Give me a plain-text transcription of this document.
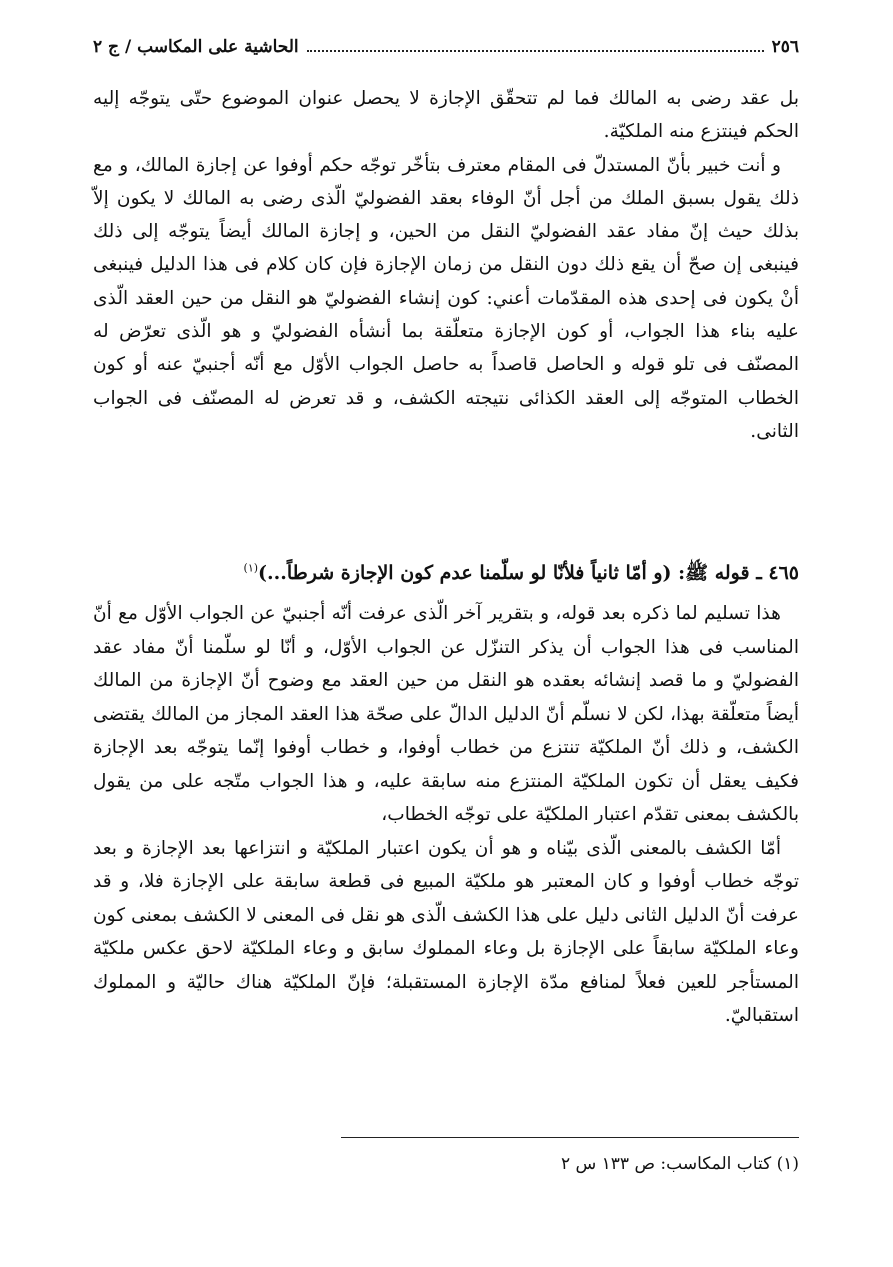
٢٥٦
الحاشية على المكاسب / ج ٢

بل عقد رضى به المالك فما لم تتحقّق الإجازة لا يحصل عنوان الموضوع حتّى يتوجّه إليه الحكم فينتزع منه الملكيّة.

و أنت خبير بأنّ المستدلّ فى المقام معترف بتأخّر توجّه حكم أوفوا عن إجازة المالك، و مع ذلك يقول بسبق الملك من أجل أنّ الوفاء بعقد الفضوليّ الّذى رضى به المالك لا يكون إلاّ بذلك حيث إنّ مفاد عقد الفضوليّ النقل من الحين، و إجازة المالك أيضاً يتوجّه إلى ذلك فينبغى إن صحّ أن يقع ذلك دون النقل من زمان الإجازة فإن كان كلام فى هذا الدليل فينبغى أنْ يكون فى إحدى هذه المقدّمات أعني: كون إنشاء الفضوليّ هو النقل من حين العقد الّذى عليه بناء هذا الجواب، أو كون الإجازة متعلّقة بما أنشأه الفضوليّ و هو الّذى تعرّض له المصنّف فى تلو قوله و الحاصل قاصداً به حاصل الجواب الأوّل مع أنّه أجنبيّ عنه أو كون الخطاب المتوجّه إلى العقد الكذائى نتيجته الكشف، و قد تعرض له المصنّف فى الجواب الثانى.

٤٦٥ ـ قوله ﷺ: (و أمّا ثانياً فلأنّا لو سلّمنا عدم كون الإجازة شرطاً...)$^{(١)}$

هذا تسليم لما ذكره بعد قوله، و بتقرير آخر الّذى عرفت أنّه أجنبيّ عن الجواب الأوّل مع أنّ المناسب فى هذا الجواب أن يذكر التنزّل عن الجواب الأوّل، و أنّا لو سلّمنا أنّ مفاد عقد الفضوليّ و ما قصد إنشائه بعقده هو النقل من حين العقد مع وضوح أنّ الإجازة من المالك أيضاً متعلّقة بهذا، لكن لا نسلّم أنّ الدليل الدالّ على صحّة هذا العقد المجاز من المالك يقتضى الكشف، و ذلك أنّ الملكيّة تنتزع من خطاب أوفوا، و خطاب أوفوا إنّما يتوجّه بعد الإجازة فكيف يعقل أن تكون الملكيّة المنتزع منه سابقة عليه، و هذا الجواب متّجه على من يقول بالكشف بمعنى تقدّم اعتبار الملكيّة على توجّه الخطاب،

أمّا الكشف بالمعنى الّذى بيّناه و هو أن يكون اعتبار الملكيّة و انتزاعها بعد الإجازة و بعد توجّه خطاب أوفوا و كان المعتبر هو ملكيّة المبيع فى قطعة سابقة على الإجازة فلا، و قد عرفت أنّ الدليل الثانى دليل على هذا الكشف الّذى هو نقل فى المعنى لا الكشف بمعنى كون وعاء الملكيّة سابقاً على الإجازة بل وعاء المملوك سابق و وعاء الملكيّة لاحق عكس ملكيّة المستأجر للعين فعلاً لمنافع مدّة الإجازة المستقبلة؛ فإنّ الملكيّة هناك حاليّة و المملوك استقباليّ.

(١) كتاب المكاسب: ص ١٣٣ س ٢
